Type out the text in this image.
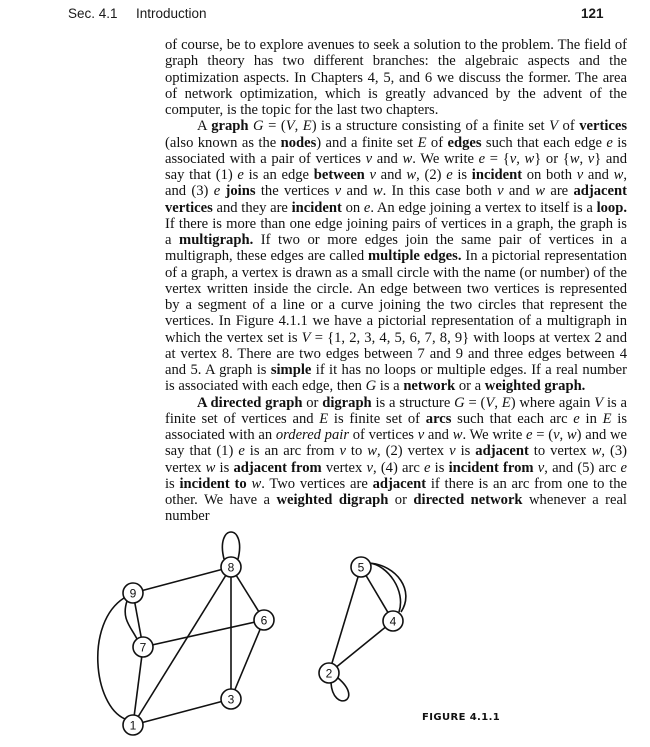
Sec. 4.1 Introduction	121

of course, be to explore avenues to seek a solution to the problem. The field of graph theory has two different branches: the algebraic aspects and the optimization aspects. In Chapters 4, 5, and 6 we discuss the former. The area of network optimization, which is greatly advanced by the advent of the computer, is the topic for the last two chapters.

A graph G = (V, E) is a structure consisting of a finite set V of vertices (also known as the nodes) and a finite set E of edges such that each edge e is associated with a pair of vertices v and w. We write e = {v, w} or {w, v} and say that (1) e is an edge between v and w, (2) e is incident on both v and w, and (3) e joins the vertices v and w. In this case both v and w are adjacent vertices and they are incident on e. An edge joining a vertex to itself is a loop. If there is more than one edge joining pairs of vertices in a graph, the graph is a multigraph. If two or more edges join the same pair of vertices in a multigraph, these edges are called multiple edges. In a pictorial representation of a graph, a vertex is drawn as a small circle with the name (or number) of the vertex written inside the circle. An edge between two vertices is represented by a segment of a line or a curve joining the two circles that represent the vertices. In Figure 4.1.1 we have a pictorial representation of a multigraph in which the vertex set is V = {1, 2, 3, 4, 5, 6, 7, 8, 9} with loops at vertex 2 and at vertex 8. There are two edges between 7 and 9 and three edges between 4 and 5. A graph is simple if it has no loops or multiple edges. If a real number is associated with each edge, then G is a network or a weighted graph.

A directed graph or digraph is a structure G = (V, E) where again V is a finite set of vertices and E is finite set of arcs such that each arc e in E is associated with an ordered pair of vertices v and w. We write e = (v, w) and we say that (1) e is an arc from v to w, (2) vertex v is adjacent to vertex w, (3) vertex w is adjacent from vertex v, (4) arc e is incident from v, and (5) arc e is incident to w. Two vertices are adjacent if there is an arc from one to the other. We have a weighted digraph or directed network whenever a real number

1
2
3
4
5
6
7
8
9
FIGURE 4.1.1
